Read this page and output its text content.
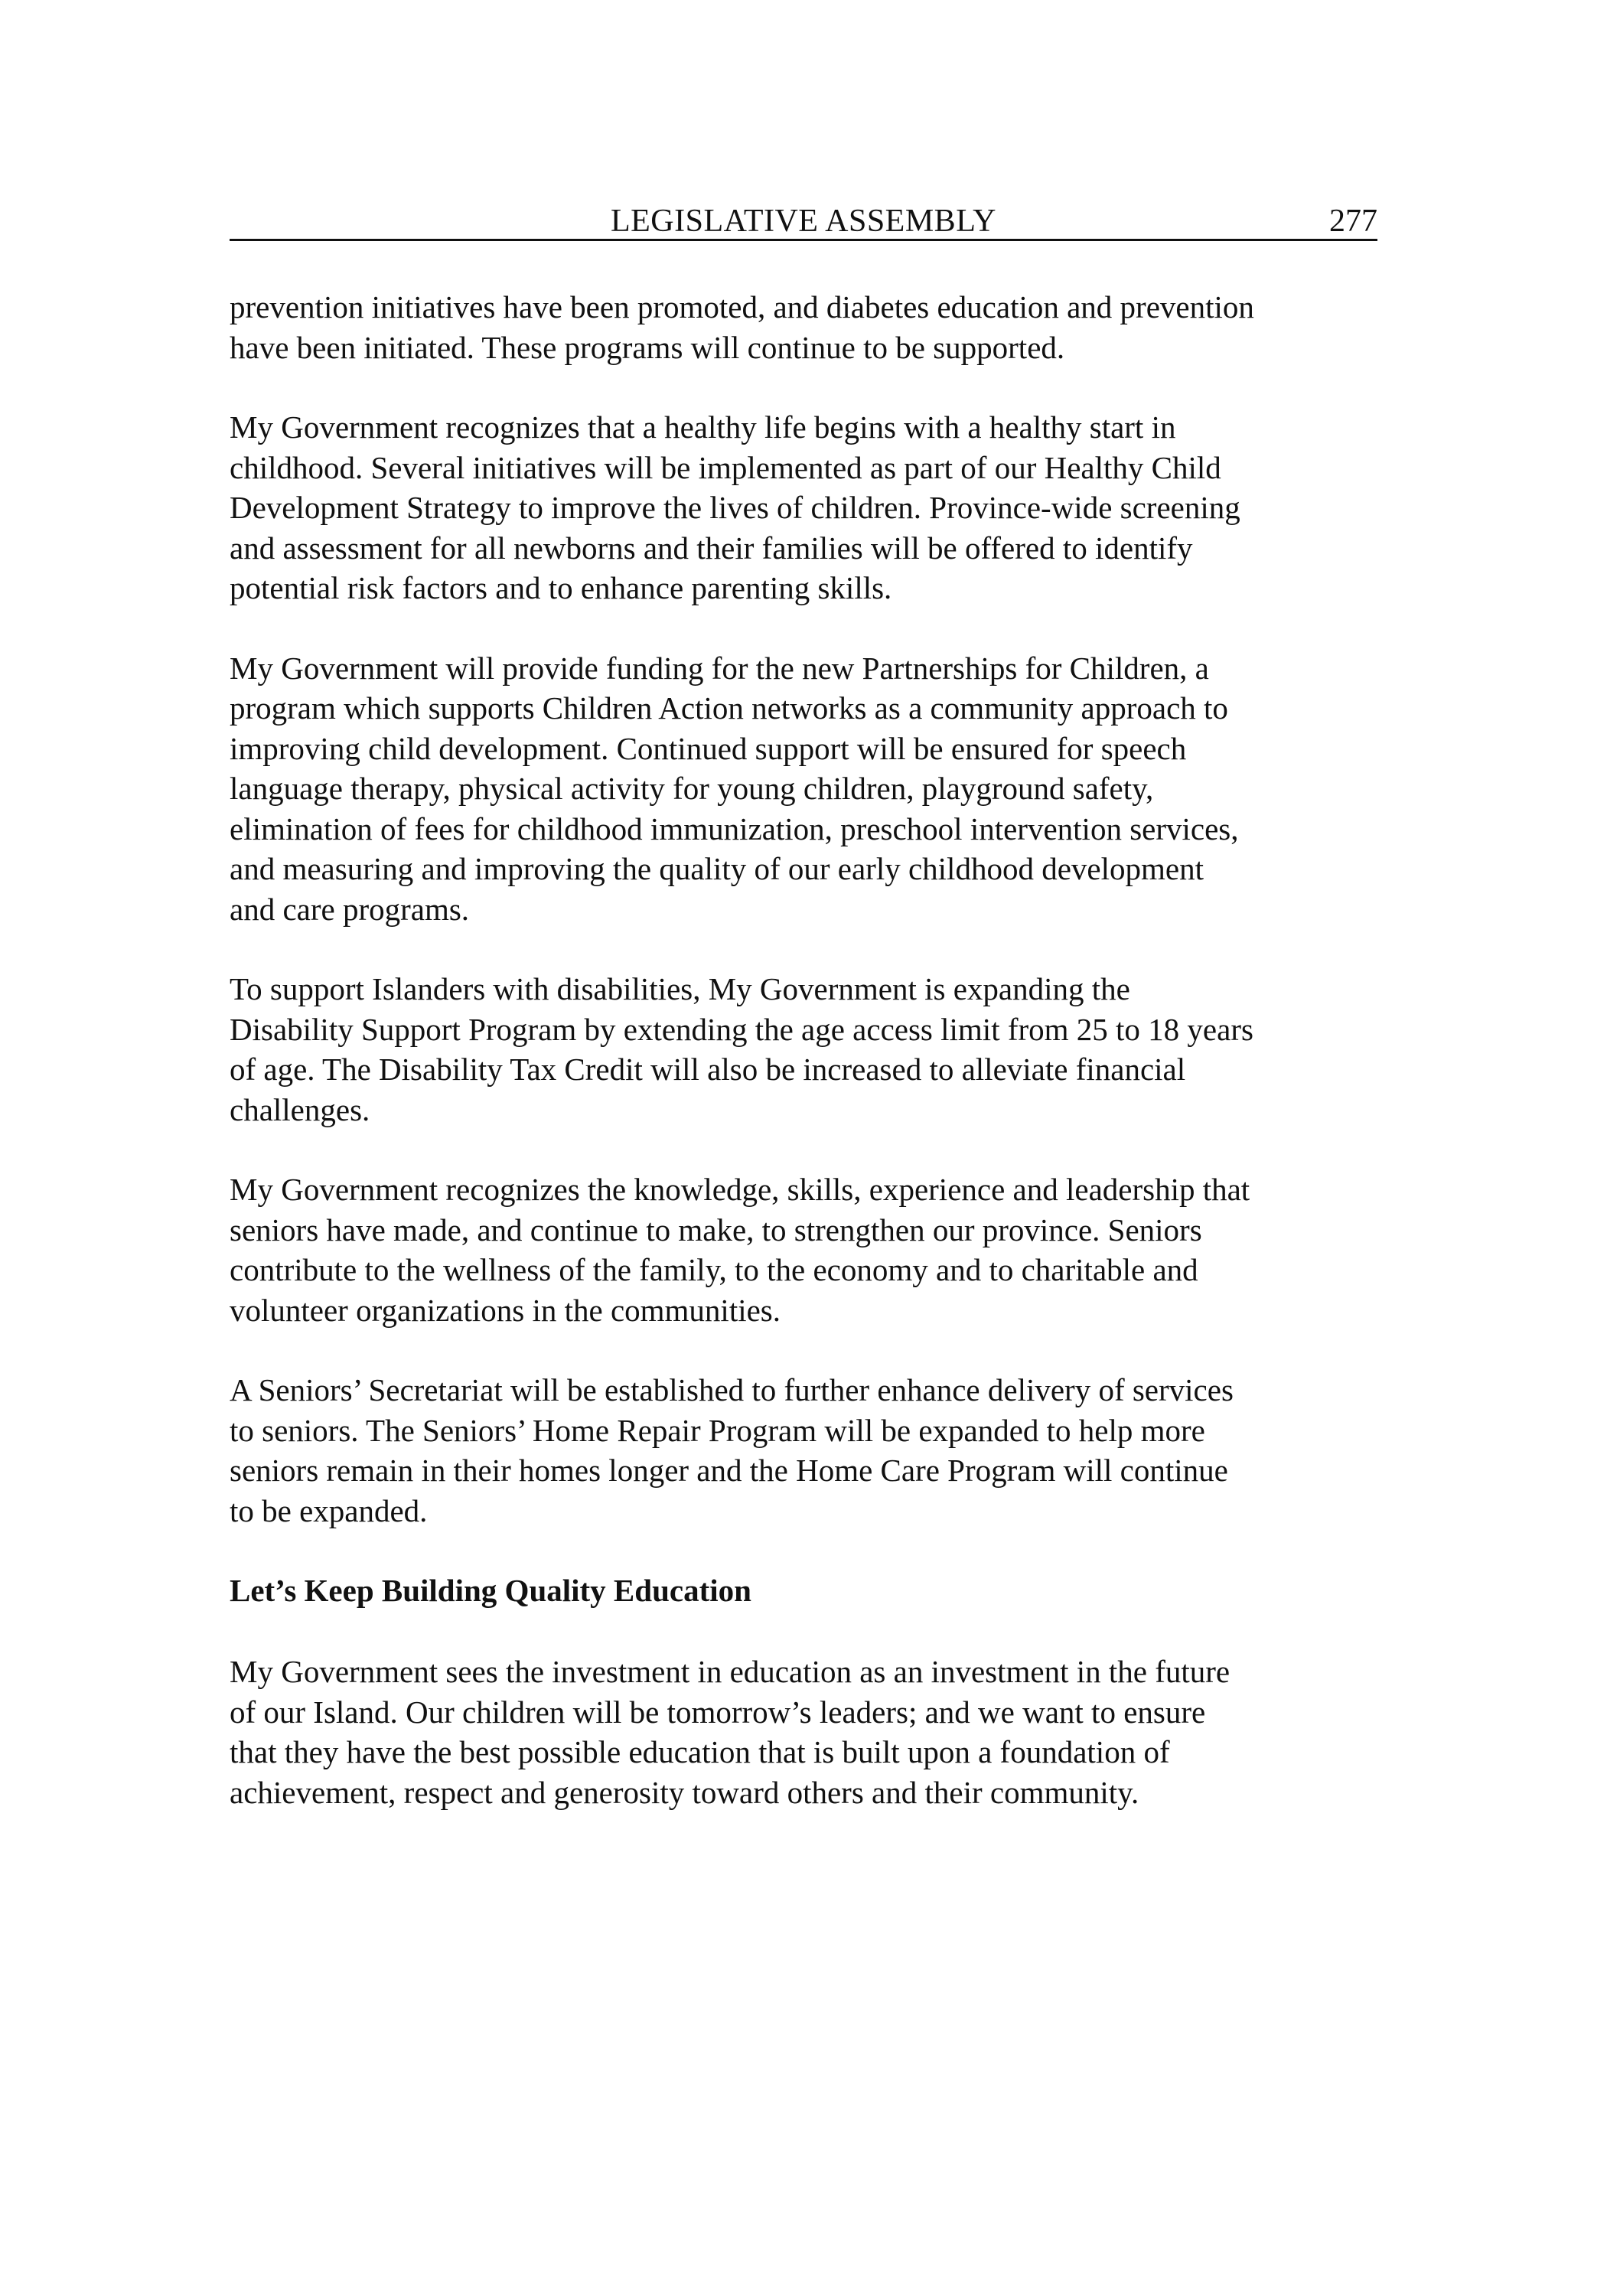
LEGISLATIVE ASSEMBLY	277

prevention initiatives have been promoted, and diabetes education and prevention
have been initiated. These programs will continue to be supported.

My Government recognizes that a healthy life begins with a healthy start in
childhood. Several initiatives will be implemented as part of our Healthy Child
Development Strategy to improve the lives of children. Province-wide screening
and assessment for all newborns and their families will be offered to identify
potential risk factors and to enhance parenting skills.

My Government will provide funding for the new Partnerships for Children, a
program which supports Children Action networks as a community approach to
improving child development. Continued support will be ensured for speech
language therapy, physical activity for young children, playground safety,
elimination of fees for childhood immunization, preschool intervention services,
and measuring and improving the quality of our early childhood development
and care programs.

To support Islanders with disabilities, My Government is expanding the
Disability Support Program by extending the age access limit from 25 to 18 years
of age. The Disability Tax Credit will also be increased to alleviate financial
challenges.

My Government recognizes the knowledge, skills, experience and leadership that
seniors have made, and continue to make, to strengthen our province. Seniors
contribute to the wellness of the family, to the economy and to charitable and
volunteer organizations in the communities.

A Seniors’ Secretariat will be established to further enhance delivery of services
to seniors. The Seniors’ Home Repair Program will be expanded to help more
seniors remain in their homes longer and the Home Care Program will continue
to be expanded.

Let’s Keep Building Quality Education

My Government sees the investment in education as an investment in the future
of our Island. Our children will be tomorrow’s leaders; and we want to ensure
that they have the best possible education that is built upon a foundation of
achievement, respect and generosity toward others and their community.
